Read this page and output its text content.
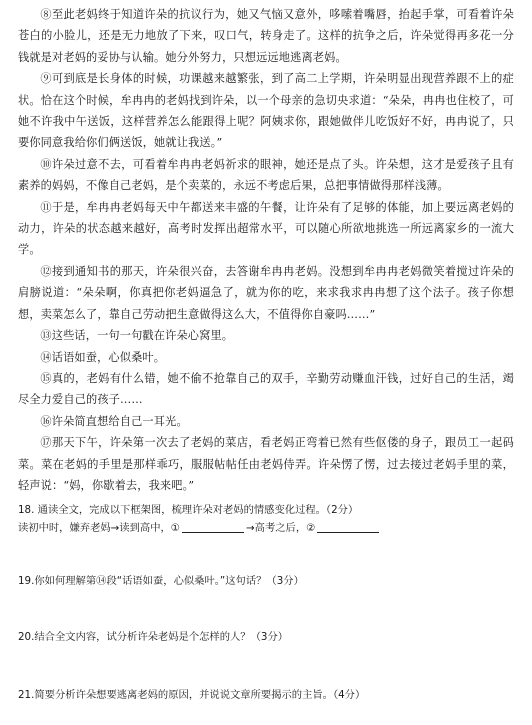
⑧至此老妈终于知道许朵的抗议行为，她又气恼又意外，哆嗦着嘴唇，抬起手掌，可看着许朵苍白的小脸儿，还是无力地放了下来，叹口气，转身走了。这样的抗争之后，许朵觉得再多花一分钱就是对老妈的妥协与认输。她分外努力，只想远远地逃离老妈。

⑨可到底是长身体的时候，功课越来越繁张，到了高二上学期，许朵明显出现营养跟不上的症状。恰在这个时候，牟冉冉的老妈找到许朵，以一个母亲的急切央求道：“朵朵，冉冉也住校了，可她不许我中午送饭，这样营养怎么能跟得上呢？阿姨求你，跟她做伴儿吃饭好不好，冉冉说了，只要你同意我给你们俩送饭，她就让我送。”

⑩许朵过意不去，可看着牟冉冉老妈祈求的眼神，她还是点了头。许朵想，这才是爱孩子且有素养的妈妈，不像自己老妈，是个卖菜的，永远不考虑后果，总把事情做得那样浅薄。

⑪于是，牟冉冉老妈每天中午都送来丰盛的午餐，让许朵有了足够的体能，加上要远离老妈的动力，许朵的状态越来越好，高考时发挥出超常水平，可以随心所欲地挑选一所远离家乡的一流大学。

⑫接到通知书的那天，许朵很兴奋，去答谢牟冉冉老妈。没想到牟冉冉老妈微笑着搅过许朵的肩膀说道：“朵朵啊，你真把你老妈逼急了，就为你的吃，来求我求冉冉想了这个法子。孩子你想想，卖菜怎么了，靠自己劳动把生意做得这么大，不值得你自豪吗……”

⑬这些话，一句一句戳在许朵心窝里。

⑭话语如蚕，心似桑叶。

⑮真的，老妈有什么错，她不偷不抢靠自己的双手，辛勤劳动赚血汗钱，过好自己的生活，竭尽全力爱自己的孩子……

⑯许朵简直想给自己一耳光。

⑰那天下午，许朵第一次去了老妈的菜店，看老妈正弯着已然有些伛偻的身子，跟员工一起码菜。菜在老妈的手里是那样乖巧，服服帖帖任由老妈侍弄。许朵愣了愣，过去接过老妈手里的菜，轻声说：“妈，你歇着去，我来吧。”

18. 通读全文，完成以下框架图，梳理许朵对老妈的情感变化过程。（2分）

读初中时，嫌弃老妈→读到高中，①	→高考之后，②

19.你如何理解第⑭段“话语如蚕，心似桑叶。”这句话？（3分）

20.结合全文内容，试分析许朵老妈是个怎样的人？（3分）

21.简要分析许朵想要逃离老妈的原因，并说说文章所要揭示的主旨。（4分）
